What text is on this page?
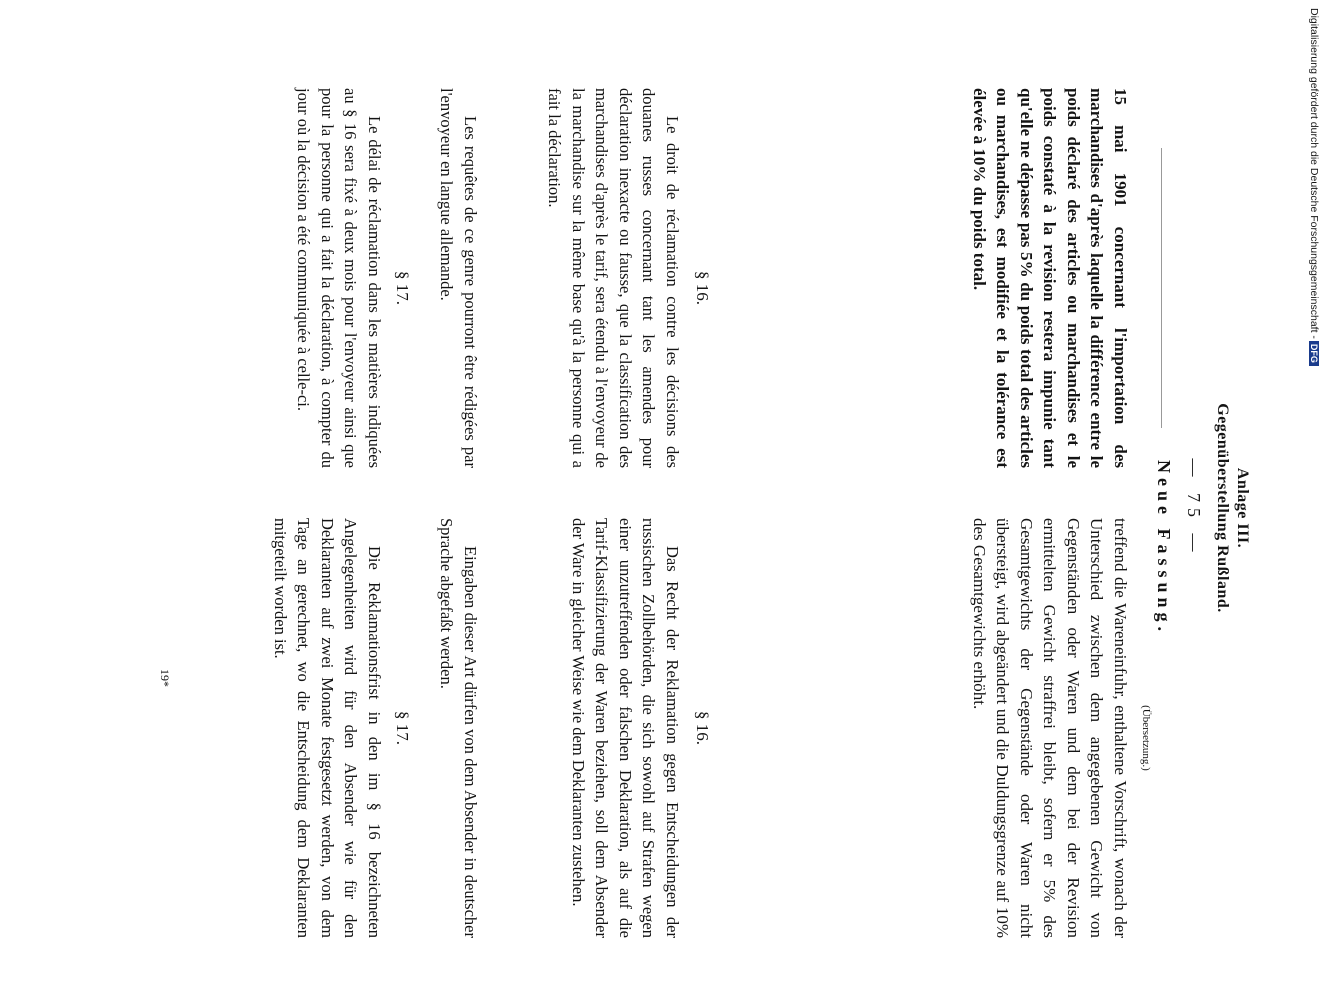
Anlage III.
Gegenüberstellung Rußland.
— 75 —
Neue Fassung.
(Übersetzung.)
15 mai 1901 concernant l'importation des marchandises d'après laquelle la différence entre le poids déclaré des articles ou marchandises et le poids constaté à la revision restera impunie tant qu'elle ne dépasse pas 5% du poids total des articles ou marchandises, est modifiée et la tolérance est élevée à 10% du poids total.
treffend die Wareneinfuhr, enthaltene Vorschrift, wonach der Unterschied zwischen dem angegebenen Gewicht von Gegenständen oder Waren und dem bei der Revision ermittelten Gewicht straffrei bleibt, sofern er 5% des Gesamtgewichts der Gegenstände oder Waren nicht übersteigt, wird abgeändert und die Duldungsgrenze auf 10% des Gesamtgewichts erhöht.
§ 16.
§ 16.
Le droit de réclamation contre les décisions des douanes russes concernant tant les amendes pour déclaration inexacte ou fausse, que la classification des marchandises d'après le tarif, sera étendu à l'envoyeur de la marchandise sur la même base qu'à la personne qui a fait la déclaration.
Les requêtes de ce genre pourront être rédigées par l'envoyeur en langue allemande.
Das Recht der Reklamation gegen Entscheidungen der russischen Zollbehörden, die sich sowohl auf Strafen wegen einer unzutreffenden oder falschen Deklaration, als auf die Tarif-Klassifizierung der Waren beziehen, soll dem Absender der Ware in gleicher Weise wie dem Deklaranten zustehen.
Eingaben dieser Art dürfen von dem Absender in deutscher Sprache abgefaßt werden.
§ 17.
§ 17.
Le délai de réclamation dans les matières indiquées au § 16 sera fixé à deux mois pour l'envoyeur ainsi que pour la personne qui a fait la déclaration, à compter du jour où la décision a été communiquée à celle-ci.
Die Reklamationsfrist in den im § 16 bezeichneten Angelegenheiten wird für den Absender wie für den Deklaranten auf zwei Monate festgesetzt werden, von dem Tage an gerechnet, wo die Entscheidung dem Deklaranten mitgeteilt worden ist.
19*
Digitalisierung gefördert durch die Deutsche Forschungsgemeinschaft -DFG
